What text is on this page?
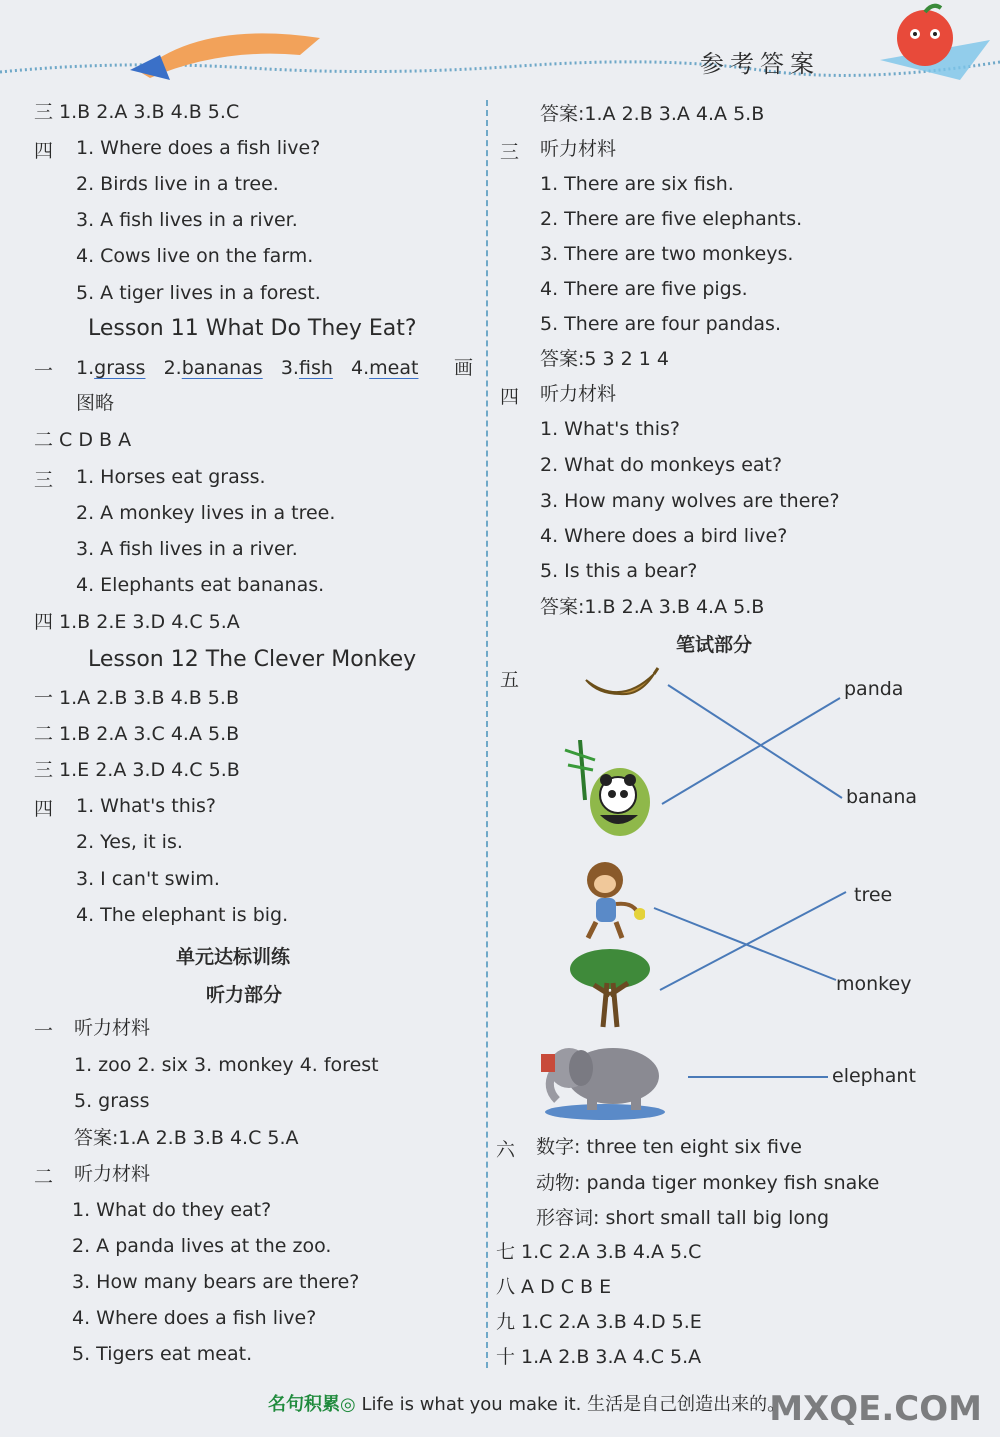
参考答案
三 1.B 2.A 3.B 4.B 5.C
四 1. Where does a fish live?
2. Birds live in a tree.
3. A fish lives in a river.
4. Cows live on the farm.
5. A tiger lives in a forest.
Lesson 11 What Do They Eat?
一 1.grass 2.bananas 3.fish 4.meat 画
图略
二 C D B A
三 1. Horses eat grass.
2. A monkey lives in a tree.
3. A fish lives in a river.
4. Elephants eat bananas.
四 1.B 2.E 3.D 4.C 5.A
Lesson 12 The Clever Monkey
一 1.A 2.B 3.B 4.B 5.B
二 1.B 2.A 3.C 4.A 5.B
三 1.E 2.A 3.D 4.C 5.B
四 1. What's this?
2. Yes, it is.
3. I can't swim.
4. The elephant is big.
单元达标训练
听力部分
一 听力材料
1. zoo 2. six 3. monkey 4. forest
5. grass
答案:1.A 2.B 3.B 4.C 5.A
二 听力材料
1. What do they eat?
2. A panda lives at the zoo.
3. How many bears are there?
4. Where does a fish live?
5. Tigers eat meat.
答案:1.A 2.B 3.A 4.A 5.B
三 听力材料
1. There are six fish.
2. There are five elephants.
3. There are two monkeys.
4. There are five pigs.
5. There are four pandas.
答案:5 3 2 1 4
四 听力材料
1. What's this?
2. What do monkeys eat?
3. How many wolves are there?
4. Where does a bird live?
5. Is this a bear?
答案:1.B 2.A 3.B 4.A 5.B
笔试部分
五	panda
banana
tree
monkey
elephant
六 数字: three ten eight six five
动物: panda tiger monkey fish snake
形容词: short small tall big long
七 1.C 2.A 3.B 4.A 5.C
八 A D C B E
九 1.C 2.A 3.B 4.D 5.E
十 1.A 2.B 3.A 4.C 5.A
名句积累◎ Life is what you make it. 生活是自己创造出来的。
MXQE.COM
